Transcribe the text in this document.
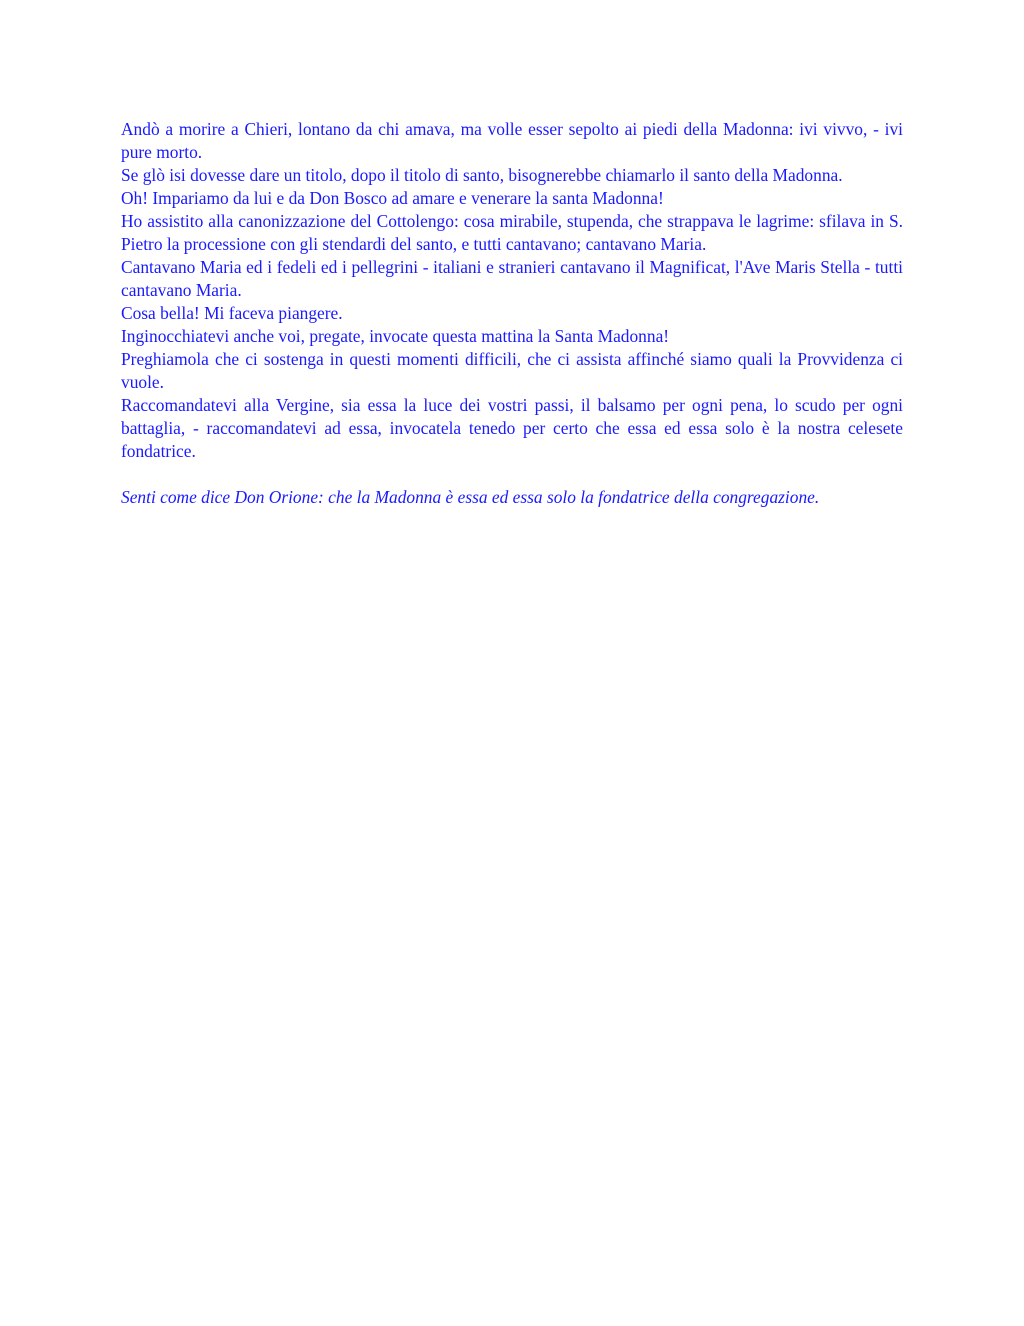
Andò a morire a Chieri, lontano da chi amava, ma volle esser sepolto ai piedi della Madonna: ivi vivvo, - ivi pure morto.

Se glò isi dovesse dare un titolo, dopo il titolo di santo, bisognerebbe chiamarlo il santo della Madonna.

Oh! Impariamo da lui e da Don Bosco ad amare e venerare la santa Madonna!

Ho assistito alla canonizzazione del Cottolengo: cosa mirabile, stupenda, che strappava le lagrime: sfilava in S. Pietro la processione con gli stendardi del santo, e tutti cantavano; cantavano Maria.

Cantavano Maria ed i fedeli ed i pellegrini - italiani e stranieri cantavano il Magnificat, l'Ave Maris Stella - tutti cantavano Maria.

Cosa bella! Mi faceva piangere.

Inginocchiatevi anche voi, pregate, invocate questa mattina la Santa Madonna!

Preghiamola che ci sostenga in questi momenti difficili, che ci assista affinché siamo quali la Provvidenza ci vuole.

Raccomandatevi alla Vergine, sia essa la luce dei vostri passi, il balsamo per ogni pena, lo scudo per ogni battaglia, - raccomandatevi ad essa, invocatela tenedo per certo che essa ed essa solo è la nostra celesete fondatrice.

Senti come dice Don Orione: che la Madonna è essa ed essa solo la fondatrice della congregazione.
